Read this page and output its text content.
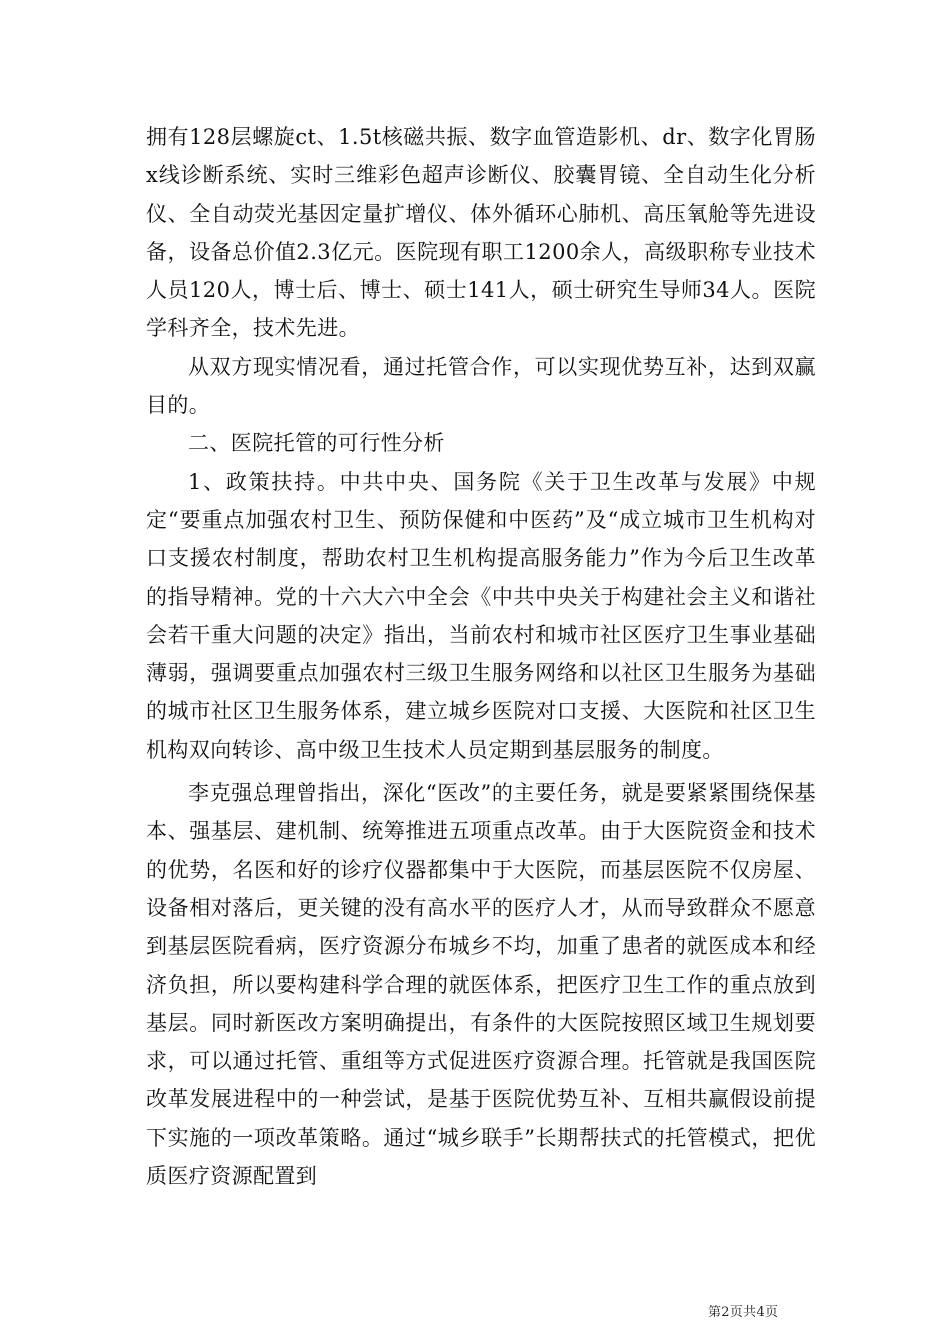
拥有128层螺旋ct、1.5t核磁共振、数字血管造影机、dr、数字化胃肠x线诊断系统、实时三维彩色超声诊断仪、胶囊胃镜、全自动生化分析仪、全自动荧光基因定量扩增仪、体外循环心肺机、高压氧舱等先进设备，设备总价值2.3亿元。医院现有职工1200余人，高级职称专业技术人员120人，博士后、博士、硕士141人，硕士研究生导师34人。医院学科齐全，技术先进。

从双方现实情况看，通过托管合作，可以实现优势互补，达到双赢目的。

二、医院托管的可行性分析

1、政策扶持。中共中央、国务院《关于卫生改革与发展》中规定“要重点加强农村卫生、预防保健和中医药”及“成立城市卫生机构对口支援农村制度，帮助农村卫生机构提高服务能力”作为今后卫生改革的指导精神。党的十六大六中全会《中共中央关于构建社会主义和谐社会若干重大问题的决定》指出，当前农村和城市社区医疗卫生事业基础薄弱，强调要重点加强农村三级卫生服务网络和以社区卫生服务为基础的城市社区卫生服务体系，建立城乡医院对口支援、大医院和社区卫生机构双向转诊、高中级卫生技术人员定期到基层服务的制度。

李克强总理曾指出，深化“医改”的主要任务，就是要紧紧围绕保基本、强基层、建机制、统筹推进五项重点改革。由于大医院资金和技术的优势，名医和好的诊疗仪器都集中于大医院，而基层医院不仅房屋、设备相对落后，更关键的没有高水平的医疗人才，从而导致群众不愿意到基层医院看病，医疗资源分布城乡不均，加重了患者的就医成本和经济负担，所以要构建科学合理的就医体系，把医疗卫生工作的重点放到基层。同时新医改方案明确提出，有条件的大医院按照区域卫生规划要求，可以通过托管、重组等方式促进医疗资源合理。托管就是我国医院改革发展进程中的一种尝试，是基于医院优势互补、互相共赢假设前提下实施的一项改革策略。通过“城乡联手”长期帮扶式的托管模式，把优质医疗资源配置到

第2页共4页
